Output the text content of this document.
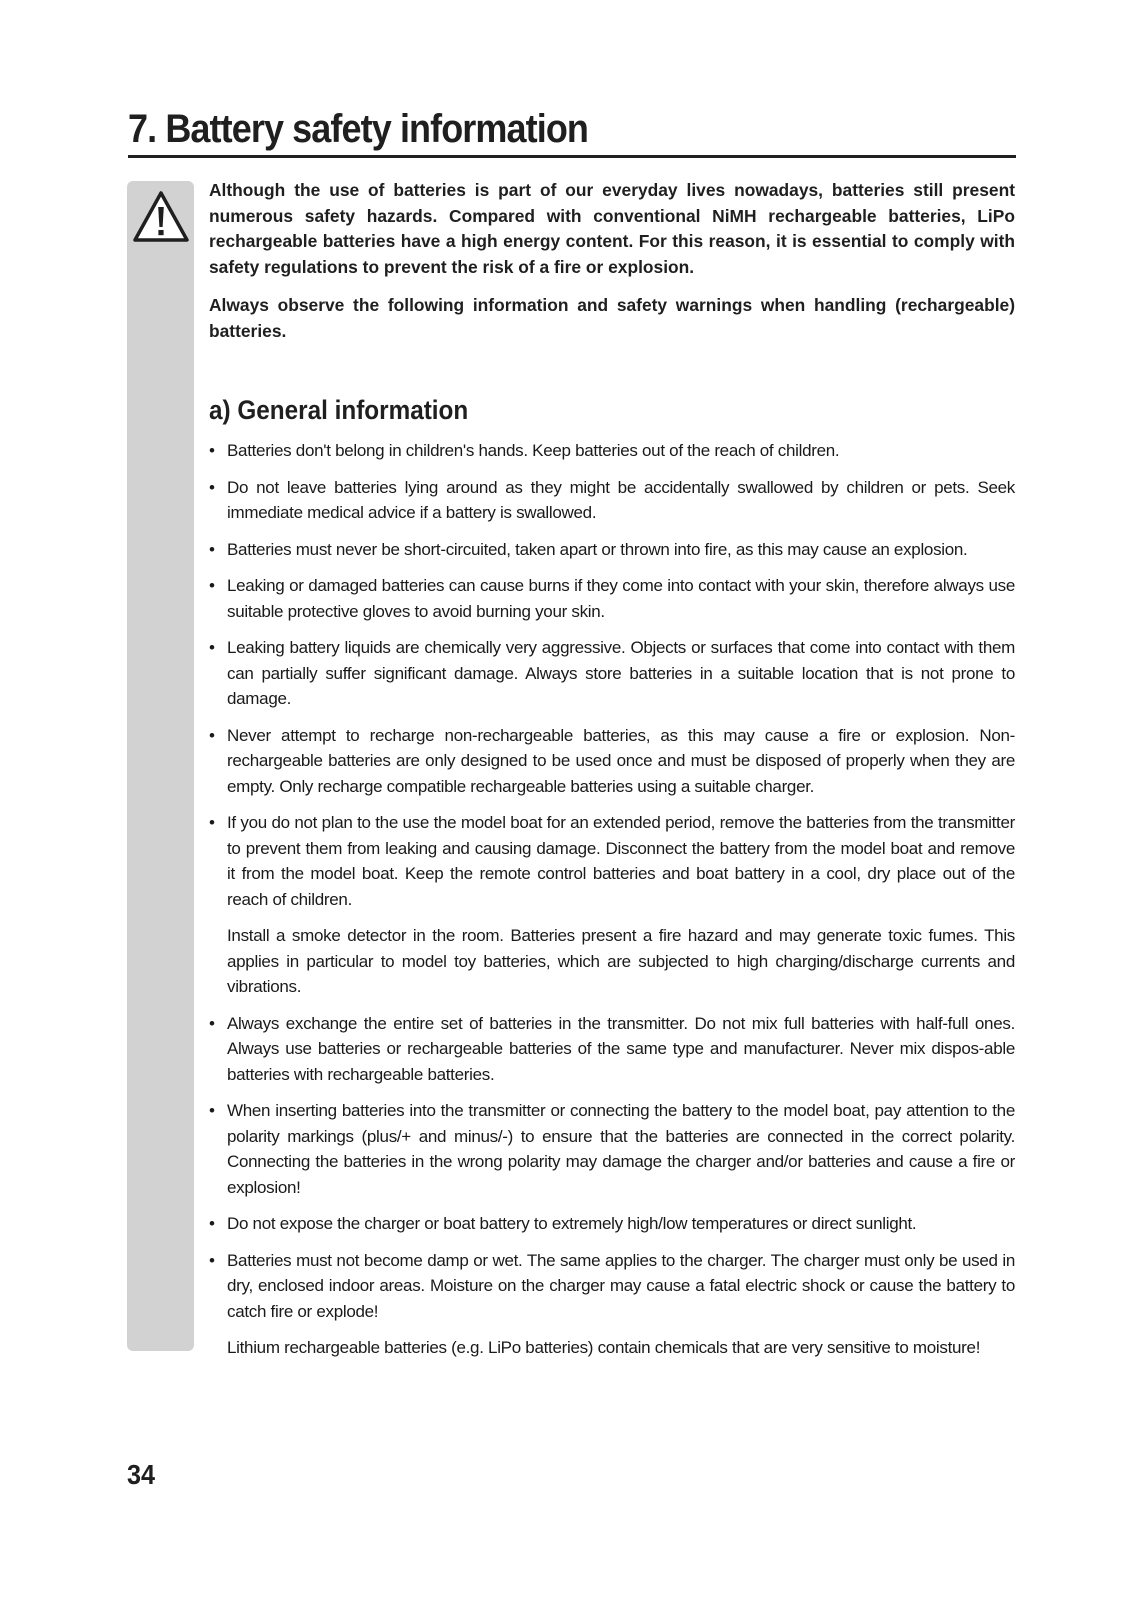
7. Battery safety information

Although the use of batteries is part of our everyday lives nowadays, batteries still present numerous safety hazards. Compared with conventional NiMH rechargeable batteries, LiPo rechargeable batteries have a high energy content. For this reason, it is essential to comply with safety regulations to prevent the risk of a fire or explosion.

Always observe the following information and safety warnings when handling (rechargeable) batteries.

a) General information
• Batteries don't belong in children's hands. Keep batteries out of the reach of children.

• Do not leave batteries lying around as they might be accidentally swallowed by children or pets. Seek immediate medical advice if a battery is swallowed.

• Batteries must never be short-circuited, taken apart or thrown into fire, as this may cause an explosion.

• Leaking or damaged batteries can cause burns if they come into contact with your skin, therefore always use suitable protective gloves to avoid burning your skin.

• Leaking battery liquids are chemically very aggressive. Objects or surfaces that come into contact with them can partially suffer significant damage. Always store batteries in a suitable location that is not prone to damage.

• Never attempt to recharge non-rechargeable batteries, as this may cause a fire or explosion. Non-rechargeable batteries are only designed to be used once and must be disposed of properly when they are empty. Only recharge compatible rechargeable batteries using a suitable charger.

• If you do not plan to the use the model boat for an extended period, remove the batteries from the transmitter to prevent them from leaking and causing damage. Disconnect the battery from the model boat and remove it from the model boat. Keep the remote control batteries and boat battery in a cool, dry place out of the reach of children.

Install a smoke detector in the room. Batteries present a fire hazard and may generate toxic fumes. This applies in particular to model toy batteries, which are subjected to high charging/discharge currents and vibrations.

• Always exchange the entire set of batteries in the transmitter. Do not mix full batteries with half-full ones. Always use batteries or rechargeable batteries of the same type and manufacturer. Never mix dispos-able batteries with rechargeable batteries.

• When inserting batteries into the transmitter or connecting the battery to the model boat, pay attention to the polarity markings (plus/+ and minus/-) to ensure that the batteries are connected in the correct polarity. Connecting the batteries in the wrong polarity may damage the charger and/or batteries and cause a fire or explosion!

• Do not expose the charger or boat battery to extremely high/low temperatures or direct sunlight.

• Batteries must not become damp or wet. The same applies to the charger. The charger must only be used in dry, enclosed indoor areas. Moisture on the charger may cause a fatal electric shock or cause the battery to catch fire or explode!

Lithium rechargeable batteries (e.g. LiPo batteries) contain chemicals that are very sensitive to moisture!

34
